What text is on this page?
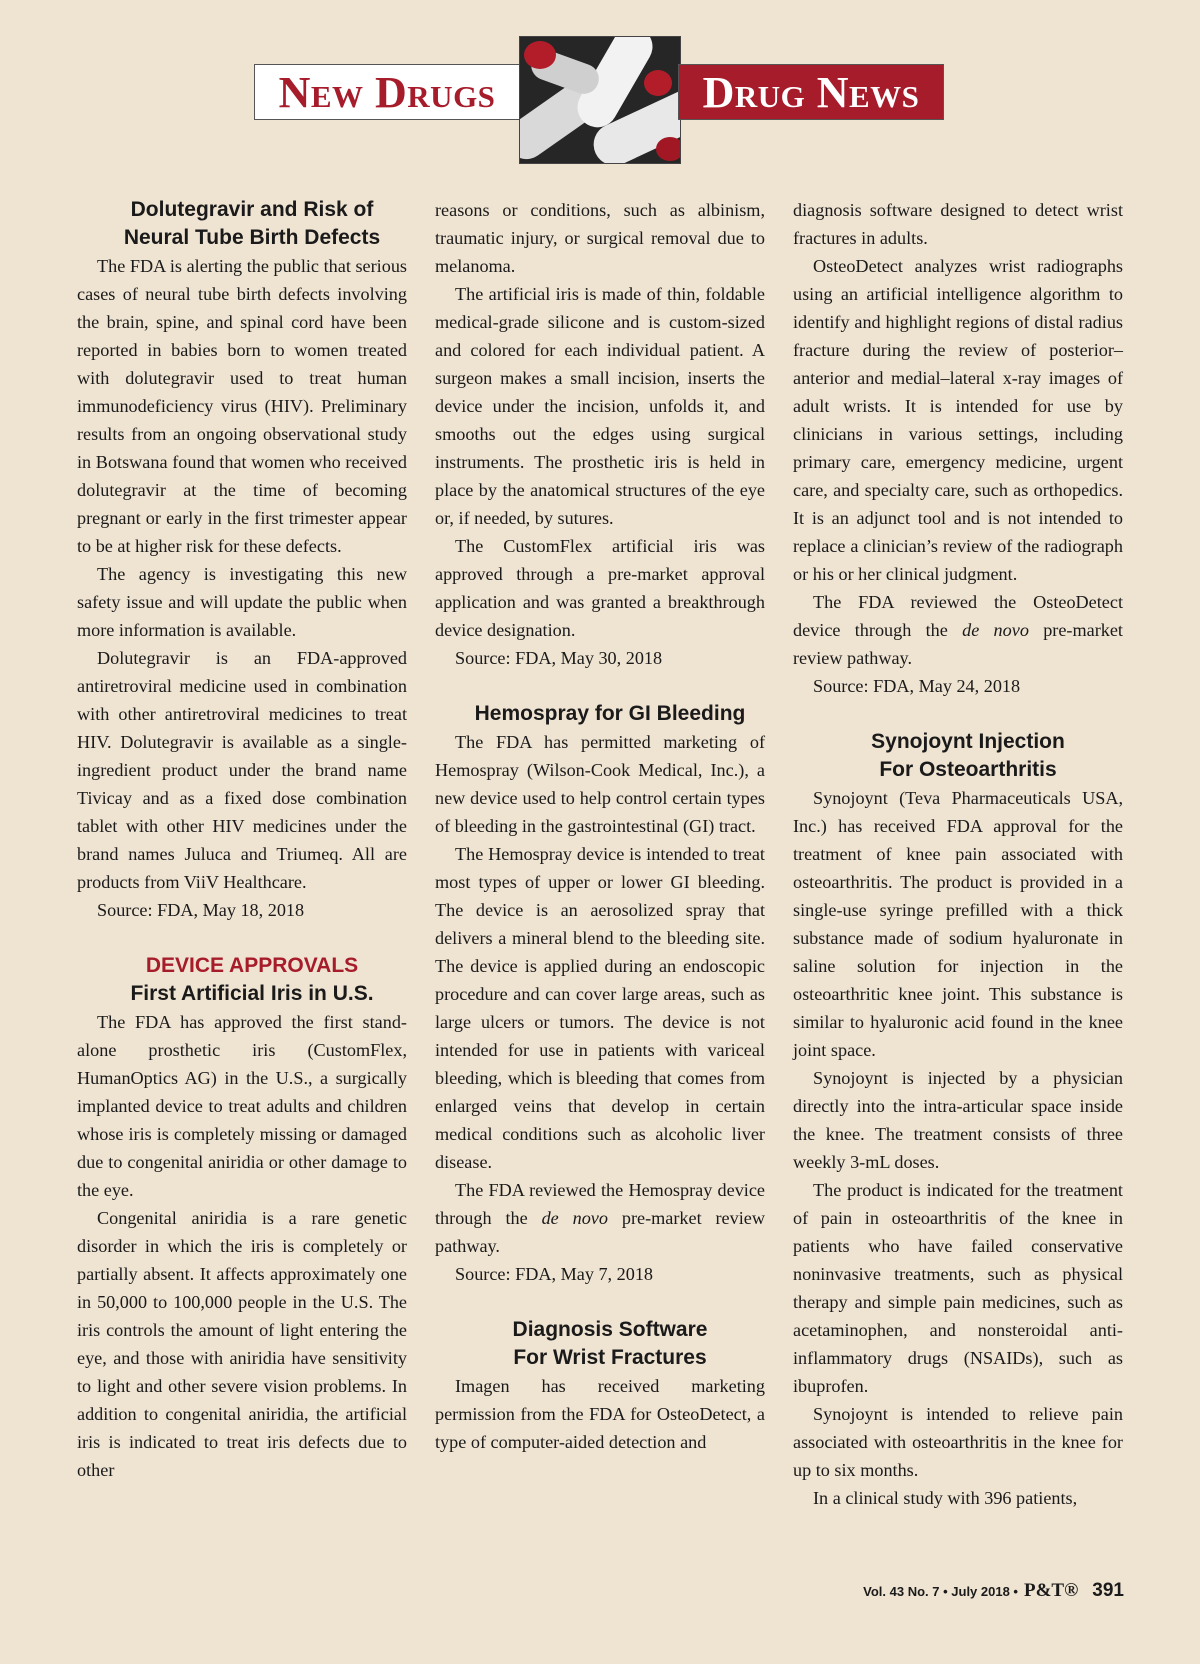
New Drugs	Drug News

Dolutegravir and Risk of

Neural Tube Birth Defects

The FDA is alerting the public that serious cases of neural tube birth defects involving the brain, spine, and spinal cord have been reported in babies born to women treated with dolutegravir used to treat human immunodeficiency virus (HIV). Preliminary results from an ongoing observational study in Botswana found that women who received dolutegravir at the time of becoming pregnant or early in the first trimester appear to be at higher risk for these defects.

The agency is investigating this new safety issue and will update the public when more information is available.

Dolutegravir is an FDA-approved antiretroviral medicine used in combination with other antiretroviral medicines to treat HIV. Dolutegravir is available as a single-ingredient product under the brand name Tivicay and as a fixed dose combination tablet with other HIV medicines under the brand names Juluca and Triumeq. All are products from ViiV Healthcare.

Source: FDA, May 18, 2018

DEVICE APPROVALS

First Artificial Iris in U.S.

The FDA has approved the first stand-alone prosthetic iris (CustomFlex, HumanOptics AG) in the U.S., a surgically implanted device to treat adults and children whose iris is completely missing or damaged due to congenital aniridia or other damage to the eye.

Congenital aniridia is a rare genetic disorder in which the iris is completely or partially absent. It affects approximately one in 50,000 to 100,000 people in the U.S. The iris controls the amount of light entering the eye, and those with aniridia have sensitivity to light and other severe vision problems. In addition to congenital aniridia, the artificial iris is indicated to treat iris defects due to other

reasons or conditions, such as albinism, traumatic injury, or surgical removal due to melanoma.

The artificial iris is made of thin, foldable medical-grade silicone and is custom-sized and colored for each individual patient. A surgeon makes a small incision, inserts the device under the incision, unfolds it, and smooths out the edges using surgical instruments. The prosthetic iris is held in place by the anatomical structures of the eye or, if needed, by sutures.

The CustomFlex artificial iris was approved through a pre-market approval application and was granted a breakthrough device designation.

Source: FDA, May 30, 2018

Hemospray for GI Bleeding

The FDA has permitted marketing of Hemospray (Wilson-Cook Medical, Inc.), a new device used to help control certain types of bleeding in the gastrointestinal (GI) tract.

The Hemospray device is intended to treat most types of upper or lower GI bleeding. The device is an aerosolized spray that delivers a mineral blend to the bleeding site. The device is applied during an endoscopic procedure and can cover large areas, such as large ulcers or tumors. The device is not intended for use in patients with variceal bleeding, which is bleeding that comes from enlarged veins that develop in certain medical conditions such as alcoholic liver disease.

The FDA reviewed the Hemospray device through the de novo pre-market review pathway.

Source: FDA, May 7, 2018

Diagnosis Software

For Wrist Fractures

Imagen has received marketing permission from the FDA for OsteoDetect, a type of computer-aided detection and

diagnosis software designed to detect wrist fractures in adults.

OsteoDetect analyzes wrist radiographs using an artificial intelligence algorithm to identify and highlight regions of distal radius fracture during the review of posterior–anterior and medial–lateral x-ray images of adult wrists. It is intended for use by clinicians in various settings, including primary care, emergency medicine, urgent care, and specialty care, such as orthopedics. It is an adjunct tool and is not intended to replace a clinician’s review of the radiograph or his or her clinical judgment.

The FDA reviewed the OsteoDetect device through the de novo pre-market review pathway.

Source: FDA, May 24, 2018

Synojoynt Injection

For Osteoarthritis

Synojoynt (Teva Pharmaceuticals USA, Inc.) has received FDA approval for the treatment of knee pain associated with osteoarthritis. The product is provided in a single-use syringe prefilled with a thick substance made of sodium hyaluronate in saline solution for injection in the osteoarthritic knee joint. This substance is similar to hyaluronic acid found in the knee joint space.

Synojoynt is injected by a physician directly into the intra-articular space inside the knee. The treatment consists of three weekly 3-mL doses.

The product is indicated for the treatment of pain in osteoarthritis of the knee in patients who have failed conservative noninvasive treatments, such as physical therapy and simple pain medicines, such as acetaminophen, and nonsteroidal anti-inflammatory drugs (NSAIDs), such as ibuprofen.

Synojoynt is intended to relieve pain associated with osteoarthritis in the knee for up to six months.

In a clinical study with 396 patients,

Vol. 43 No. 7 • July 2018 • P&T® 391
